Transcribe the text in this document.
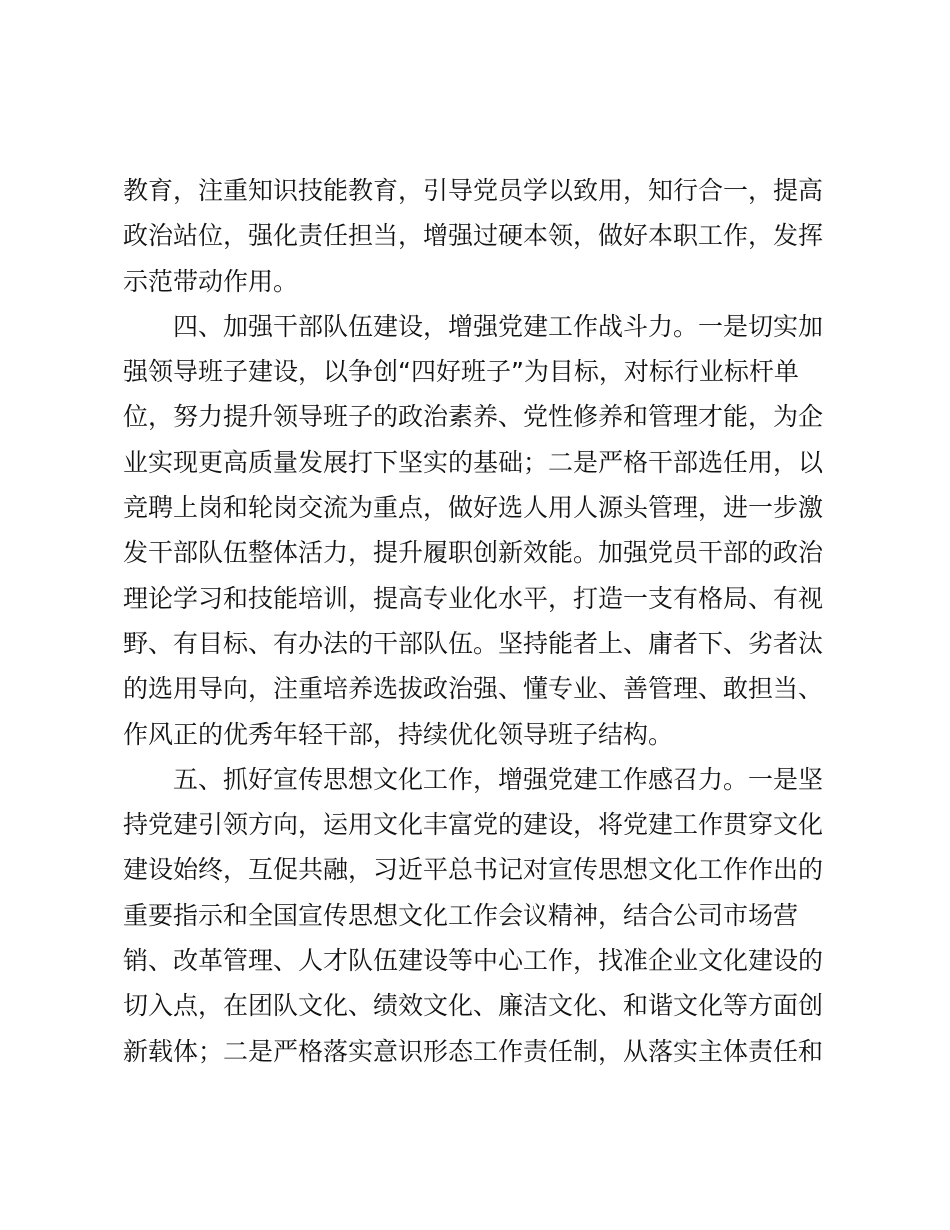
教育，注重知识技能教育，引导党员学以致用，知行合一，提高
政治站位，强化责任担当，增强过硬本领，做好本职工作，发挥
示范带动作用。
四、加强干部队伍建设，增强党建工作战斗力。一是切实加
强领导班子建设，以争创“四好班子”为目标，对标行业标杆单
位，努力提升领导班子的政治素养、党性修养和管理才能，为企
业实现更高质量发展打下坚实的基础；二是严格干部选任用，以
竞聘上岗和轮岗交流为重点，做好选人用人源头管理，进一步激
发干部队伍整体活力，提升履职创新效能。加强党员干部的政治
理论学习和技能培训，提高专业化水平，打造一支有格局、有视
野、有目标、有办法的干部队伍。坚持能者上、庸者下、劣者汰
的选用导向，注重培养选拔政治强、懂专业、善管理、敢担当、
作风正的优秀年轻干部，持续优化领导班子结构。
五、抓好宣传思想文化工作，增强党建工作感召力。一是坚
持党建引领方向，运用文化丰富党的建设，将党建工作贯穿文化
建设始终，互促共融，习近平总书记对宣传思想文化工作作出的
重要指示和全国宣传思想文化工作会议精神，结合公司市场营
销、改革管理、人才队伍建设等中心工作，找准企业文化建设的
切入点，在团队文化、绩效文化、廉洁文化、和谐文化等方面创
新载体；二是严格落实意识形态工作责任制，从落实主体责任和
